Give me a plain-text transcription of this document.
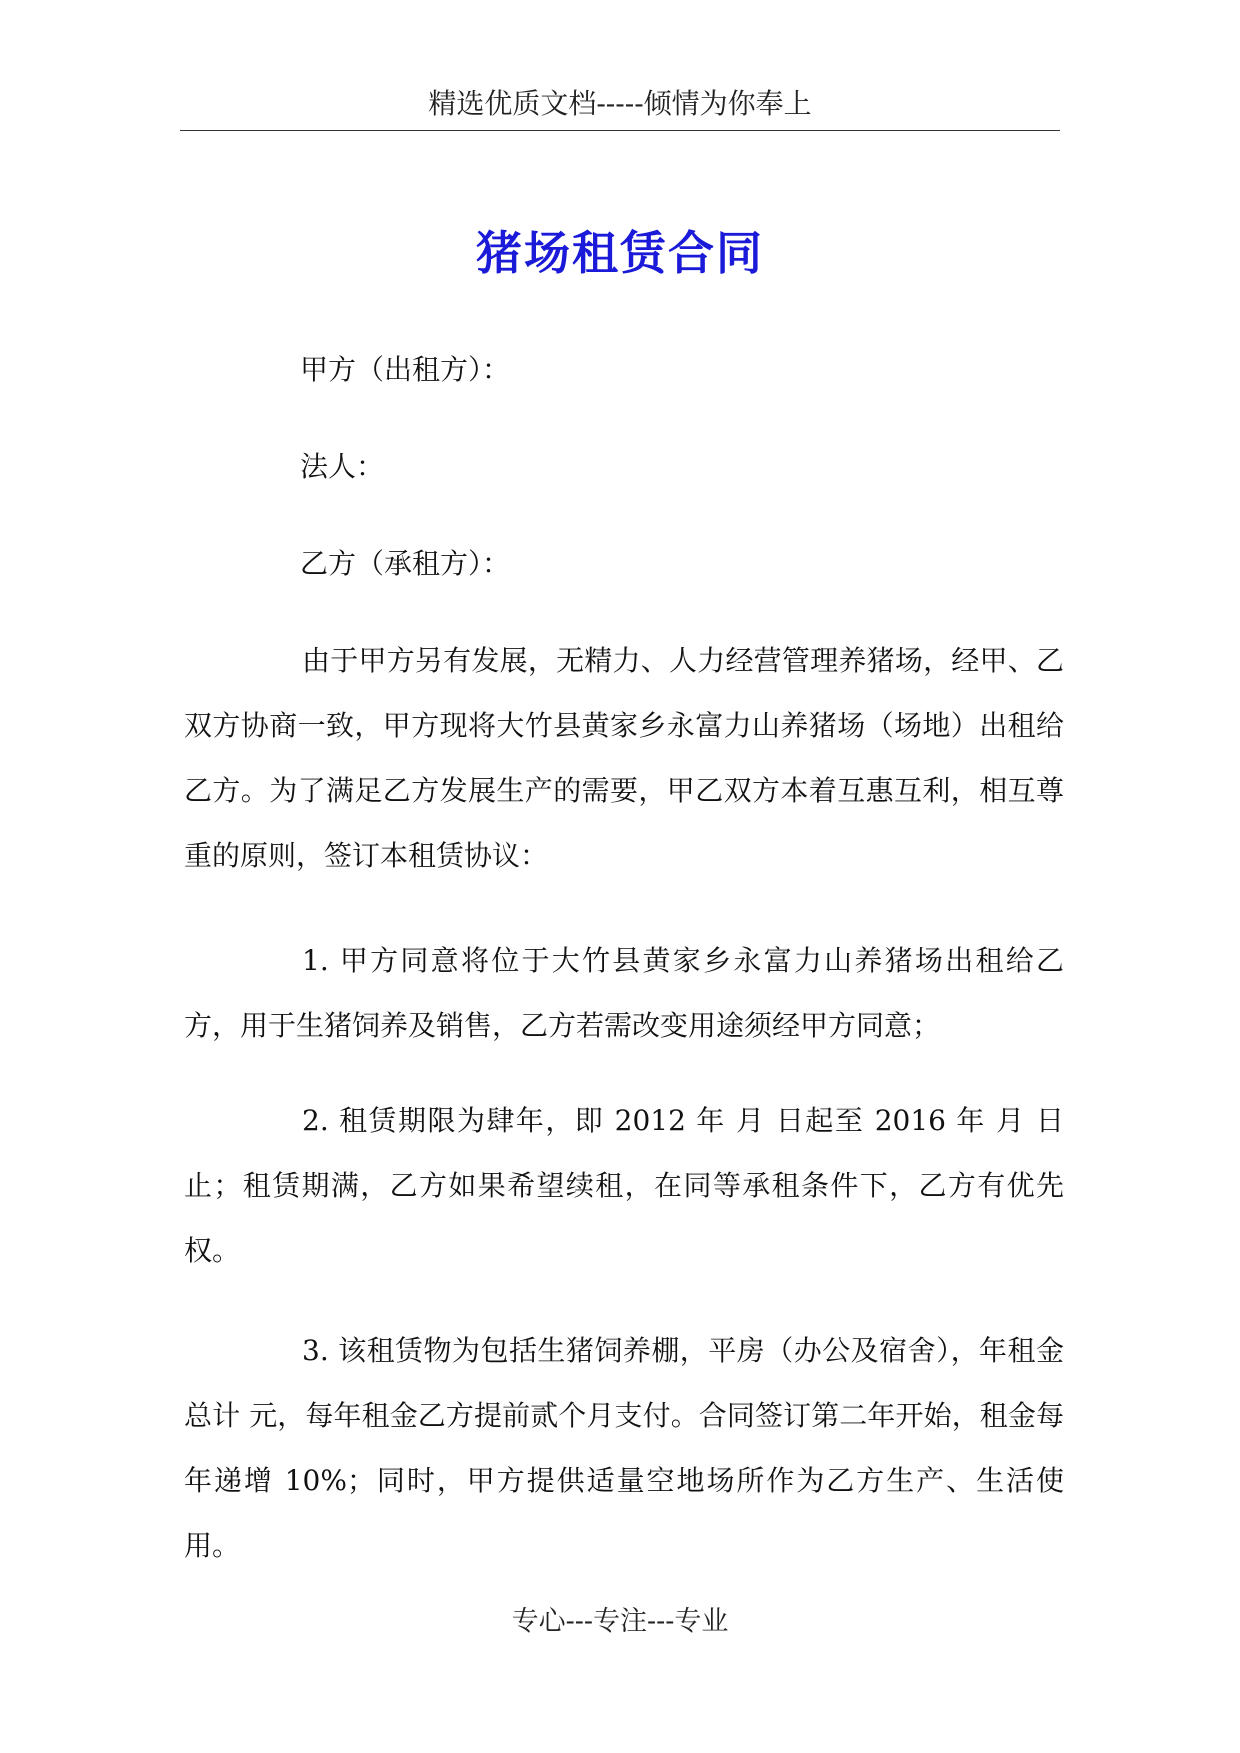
精选优质文档-----倾情为你奉上
猪场租赁合同
甲方（出租方）：
法人：
乙方（承租方）：
由于甲方另有发展，无精力、人力经营管理养猪场，经甲、乙双方协商一致，甲方现将大竹县黄家乡永富力山养猪场（场地）出租给乙方。为了满足乙方发展生产的需要，甲乙双方本着互惠互利，相互尊重的原则，签订本租赁协议：
1. 甲方同意将位于大竹县黄家乡永富力山养猪场出租给乙方，用于生猪饲养及销售，乙方若需改变用途须经甲方同意；
2. 租赁期限为肆年，即 2012 年 月 日起至 2016 年 月 日止；租赁期满，乙方如果希望续租，在同等承租条件下，乙方有优先权。
3. 该租赁物为包括生猪饲养棚，平房（办公及宿舍），年租金总计 元，每年租金乙方提前贰个月支付。合同签订第二年开始，租金每年递增 10%；同时，甲方提供适量空地场所作为乙方生产、生活使用。
专心---专注---专业
